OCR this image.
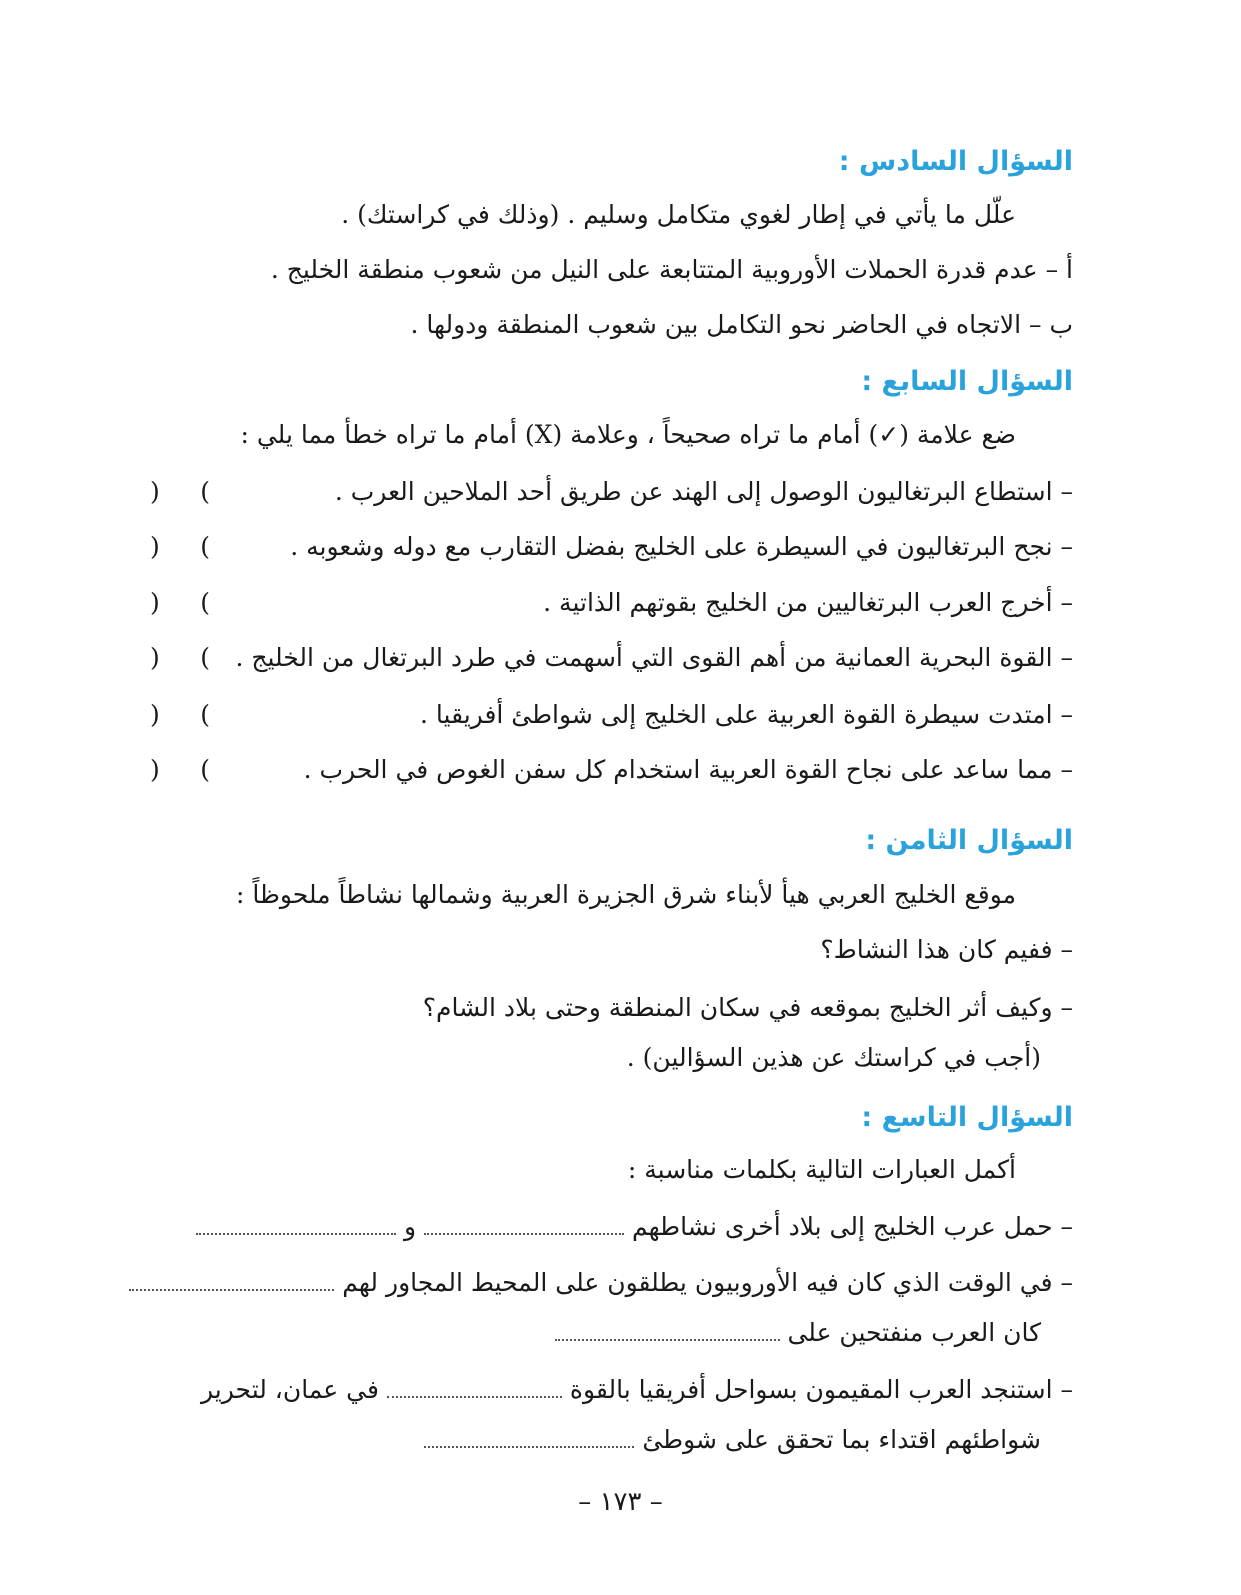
السؤال السادس :
علّل ما يأتي في إطار لغوي متكامل وسليم . (وذلك في كراستك) .
أ – عدم قدرة الحملات الأوروبية المتتابعة على النيل من شعوب منطقة الخليج .
ب – الاتجاه في الحاضر نحو التكامل بين شعوب المنطقة ودولها .
السؤال السابع :
ضع علامة (✓) أمام ما تراه صحيحاً ، وعلامة (X) أمام ما تراه خطأ مما يلي :
– استطاع البرتغاليون الوصول إلى الهند عن طريق أحد الملاحين العرب .
) (
– نجح البرتغاليون في السيطرة على الخليج بفضل التقارب مع دوله وشعوبه .
) (
– أخرج العرب البرتغاليين من الخليج بقوتهم الذاتية .
) (
– القوة البحرية العمانية من أهم القوى التي أسهمت في طرد البرتغال من الخليج .
) (
– امتدت سيطرة القوة العربية على الخليج إلى شواطئ أفريقيا .
) (
– مما ساعد على نجاح القوة العربية استخدام كل سفن الغوص في الحرب .
) (
السؤال الثامن :
موقع الخليج العربي هيأ لأبناء شرق الجزيرة العربية وشمالها نشاطاً ملحوظاً :
– ففيم كان هذا النشاط؟
– وكيف أثر الخليج بموقعه في سكان المنطقة وحتى بلاد الشام؟
(أجب في كراستك عن هذين السؤالين) .
السؤال التاسع :
أكمل العبارات التالية بكلمات مناسبة :
– حمل عرب الخليج إلى بلاد أخرى نشاطهم  و
– في الوقت الذي كان فيه الأوروبيون يطلقون على المحيط المجاور لهم
كان العرب منفتحين على
– استنجد العرب المقيمون بسواحل أفريقيا بالقوة  في عمان، لتحرير
شواطئهم اقتداء بما تحقق على شوطئ
– ١٧٣ –
